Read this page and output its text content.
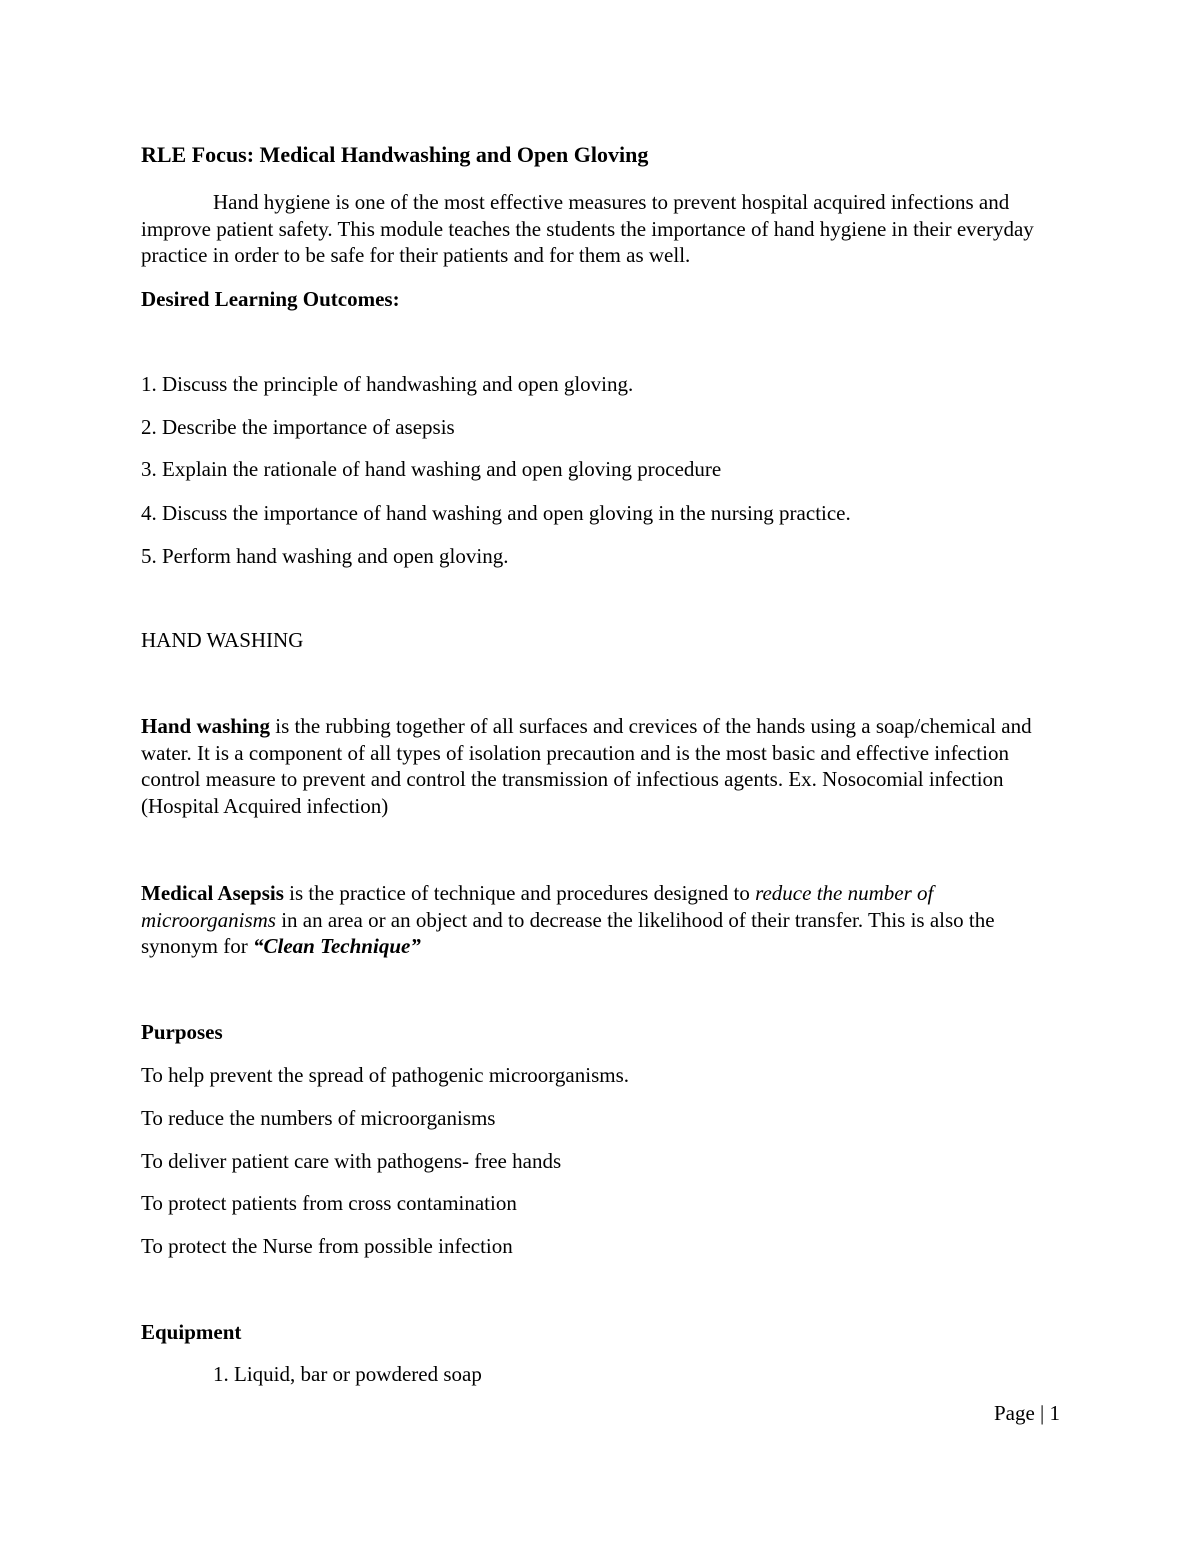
RLE Focus: Medical Handwashing and Open Gloving

Hand hygiene is one of the most effective measures to prevent hospital acquired infections and improve patient safety. This module teaches the students the importance of hand hygiene in their everyday practice in order to be safe for their patients and for them as well.

Desired Learning Outcomes:
1. Discuss the principle of handwashing and open gloving.
2. Describe the importance of asepsis
3. Explain the rationale of hand washing and open gloving procedure
4. Discuss the importance of hand washing and open gloving in the nursing practice.
5. Perform hand washing and open gloving.
HAND WASHING

Hand washing is the rubbing together of all surfaces and crevices of the hands using a soap/chemical and water. It is a component of all types of isolation precaution and is the most basic and effective infection control measure to prevent and control the transmission of infectious agents. Ex. Nosocomial infection (Hospital Acquired infection)

Medical Asepsis is the practice of technique and procedures designed to reduce the number of microorganisms in an area or an object and to decrease the likelihood of their transfer. This is also the synonym for “Clean Technique”

Purposes
To help prevent the spread of pathogenic microorganisms.
To reduce the numbers of microorganisms
To deliver patient care with pathogens- free hands
To protect patients from cross contamination
To protect the Nurse from possible infection
Equipment
1. Liquid, bar or powdered soap
Page | 1
